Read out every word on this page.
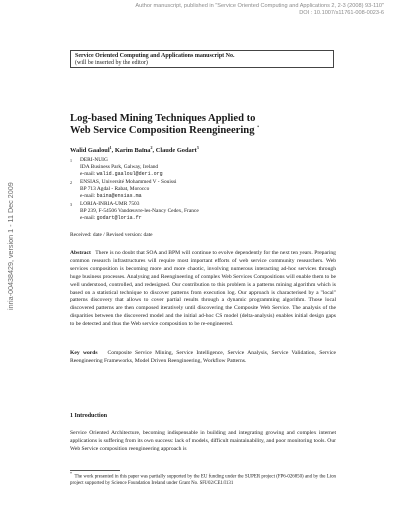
Author manuscript, published in "Service Oriented Computing and Applications 2, 2-3 (2008) 93-110"
DOI : 10.1007/s11761-008-0023-6
inria-00438429, version 1 - 11 Dec 2009
Service Oriented Computing and Applications manuscript No.
(will be inserted by the editor)
Log-based Mining Techniques Applied to
Web Service Composition Reengineering *
Walid Gaaloul$^1$, Karim Baïna$^2$, Claude Godart$^3$
1 DERI-NUIG
IDA Business Park, Galway, Ireland
e-mail: walid.gaaloul@deri.org
2 ENSIAS, Université Mohammed V - Souissi
BP 713 Agdal - Rabat, Morocco
e-mail: baina@ensias.ma
3 LORIA-INRIA-UMR 7503
BP 239, F-54506 Vandœuvre-les-Nancy Cedex, France
e-mail: godart@loria.fr
Received: date / Revised version: date
Abstract There is no doubt that SOA and BPM will continue to evolve dependently for the next ten years. Preparing common research infrastructures will require most important efforts of web service community researchers. Web services composition is becoming more and more chaotic, involving numerous interacting ad-hoc services through huge business processes. Analysing and Reengineering of complex Web Services Compositions will enable them to be well understood, controlled, and redesigned. Our contribution to this problem is a patterns mining algorithm which is based on a statistical technique to discover patterns from execution log. Our approach is characterised by a "local" patterns discovery that allows to cover partial results through a dynamic programming algorithm. Those local discovered patterns are then composed iteratively until discovering the Composite Web Service. The analysis of the disparities between the discovered model and the initial ad-hoc CS model (delta-analysis) enables initial design gaps to be detected and thus the Web service composition to be re-engineered.
Key words Composite Service Mining, Service Intelligence, Service Analysis, Service Validation, Service Reengineering Frameworks, Model Driven Reengineering, Workflow Patterns.
1 Introduction
Service Oriented Architecture, becoming indispensable in building and integrating growing and complex internet applications is suffering from its own success: lack of models, difficult maintainability, and poor monitoring tools. Our Web Service composition reengineering approach is
*  The work presented in this paper was partially supported by the EU funding under the SUPER project (FP6-026850) and by the Lion project supported by Science Foundation Ireland under Grant No. SFI/02/CE1/I131
